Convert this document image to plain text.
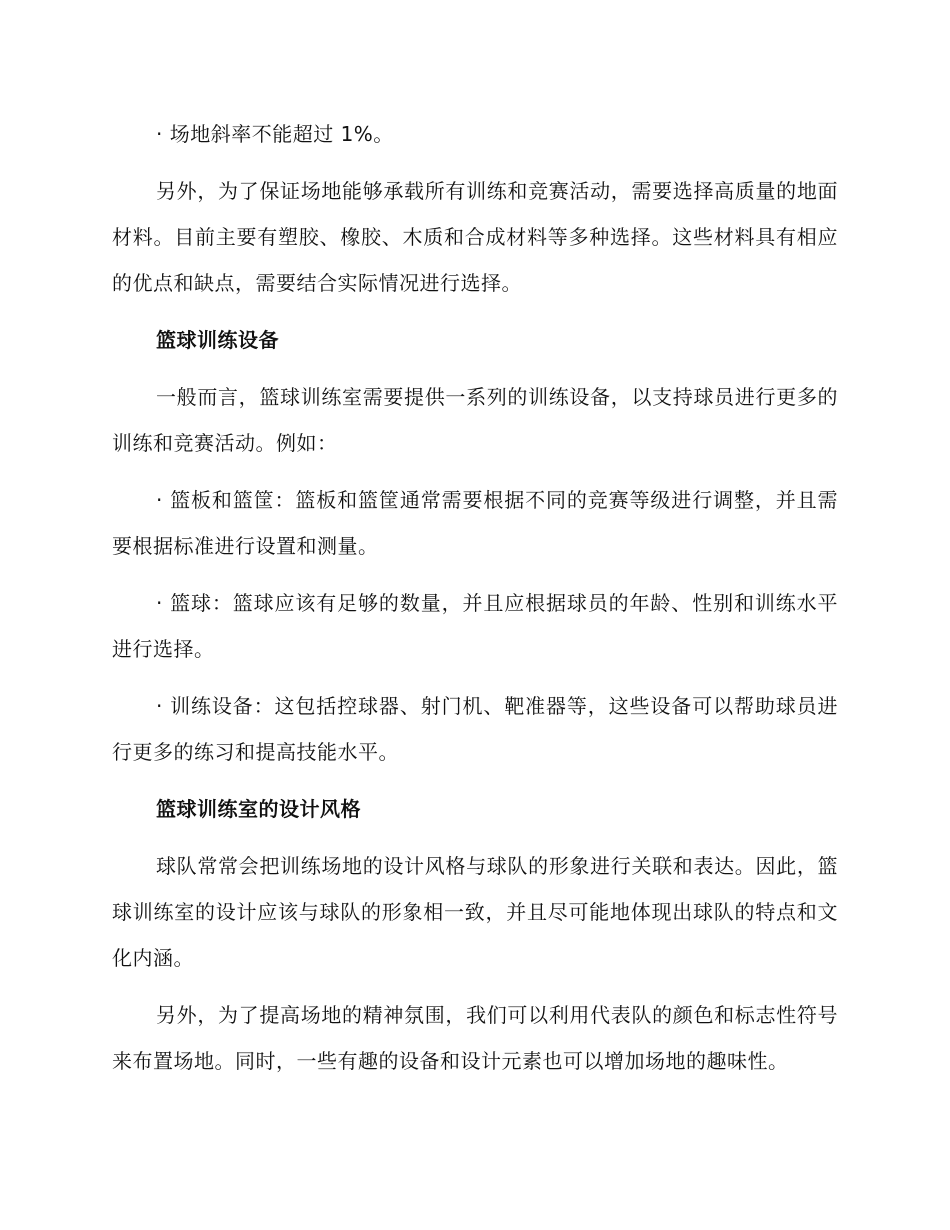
· 场地斜率不能超过 1%。

另外，为了保证场地能够承载所有训练和竞赛活动，需要选择高质量的地面材料。目前主要有塑胶、橡胶、木质和合成材料等多种选择。这些材料具有相应的优点和缺点，需要结合实际情况进行选择。

篮球训练设备

一般而言，篮球训练室需要提供一系列的训练设备，以支持球员进行更多的训练和竞赛活动。例如：

· 篮板和篮筐：篮板和篮筐通常需要根据不同的竞赛等级进行调整，并且需要根据标准进行设置和测量。

· 篮球：篮球应该有足够的数量，并且应根据球员的年龄、性别和训练水平进行选择。

· 训练设备：这包括控球器、射门机、靶准器等，这些设备可以帮助球员进行更多的练习和提高技能水平。

篮球训练室的设计风格

球队常常会把训练场地的设计风格与球队的形象进行关联和表达。因此，篮球训练室的设计应该与球队的形象相一致，并且尽可能地体现出球队的特点和文化内涵。

另外，为了提高场地的精神氛围，我们可以利用代表队的颜色和标志性符号来布置场地。同时，一些有趣的设备和设计元素也可以增加场地的趣味性。
